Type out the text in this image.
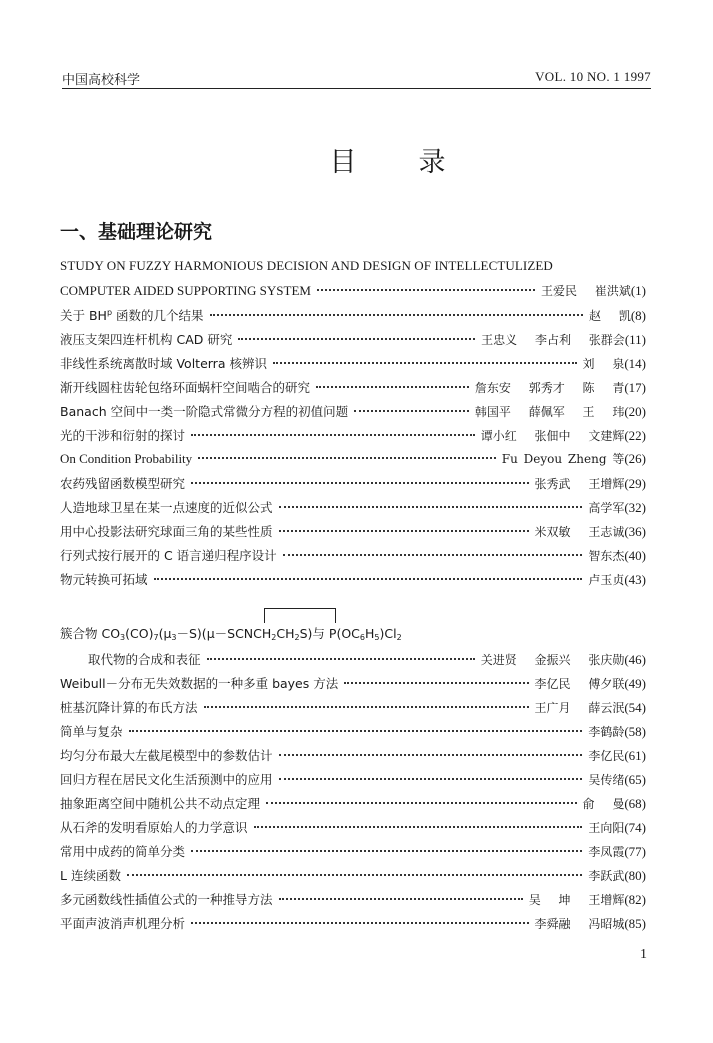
中国高校科学	VOL. 10 NO. 1 1997
目录
一、基础理论研究
STUDY ON FUZZY HARMONIOUS DECISION AND DESIGN OF INTELLECTULIZED
COMPUTER AIDED SUPPORTING SYSTEM	王爱民 崔洪斌 (1)
关于 $BH^p$ 函数的几个结果	赵 凯 (8)
液压支架四连杆机构 CAD 研究	王忠义 李占利 张群会 (11)
非线性系统离散时域 Volterra 核辨识	刘 泉 (14)
渐开线圆柱齿轮包络环面蜗杆空间啮合的研究	詹东安 郭秀才 陈 青 (17)
Banach 空间中一类一阶隐式常微分方程的初值问题	韩国平 薛佩军 王 玮 (20)
光的干涉和衍射的探讨	谭小红 张佃中 文建辉 (22)
On Condition Probability	Fu Deyou Zheng 等 (26)
农药残留函数模型研究	张秀武 王增辉 (29)
人造地球卫星在某一点速度的近似公式	高学军 (32)
用中心投影法研究球面三角的某些性质	米双敏 王志诚 (36)
行列式按行展开的 C 语言递归程序设计	智东杰 (40)
物元转换可拓域	卢玉贞 (43)
簇合物 $CO_3(CO)_7(\mu_3-S)(\mu-SCNCH_2CH_2S)$与 $P(OC_6H_5)Cl_2$
取代物的合成和表征	关进贤 金振兴 张庆勋 (46)
Weibull－分布无失效数据的一种多重 bayes 方法	李亿民 傅夕联 (49)
桩基沉降计算的布氏方法	王广月 薛云泯 (54)
简单与复杂	李鹤龄 (58)
均匀分布最大左截尾模型中的参数估计	李亿民 (61)
回归方程在居民文化生活预测中的应用	吴传绪 (65)
抽象距离空间中随机公共不动点定理	俞 曼 (68)
从石斧的发明看原始人的力学意识	王向阳 (74)
常用中成药的简单分类	李凤霞 (77)
L 连续函数	李跃武 (80)
多元函数线性插值公式的一种推导方法	吴 坤 王增辉 (82)
平面声波消声机理分析	李舜融 冯昭城 (85)
1
